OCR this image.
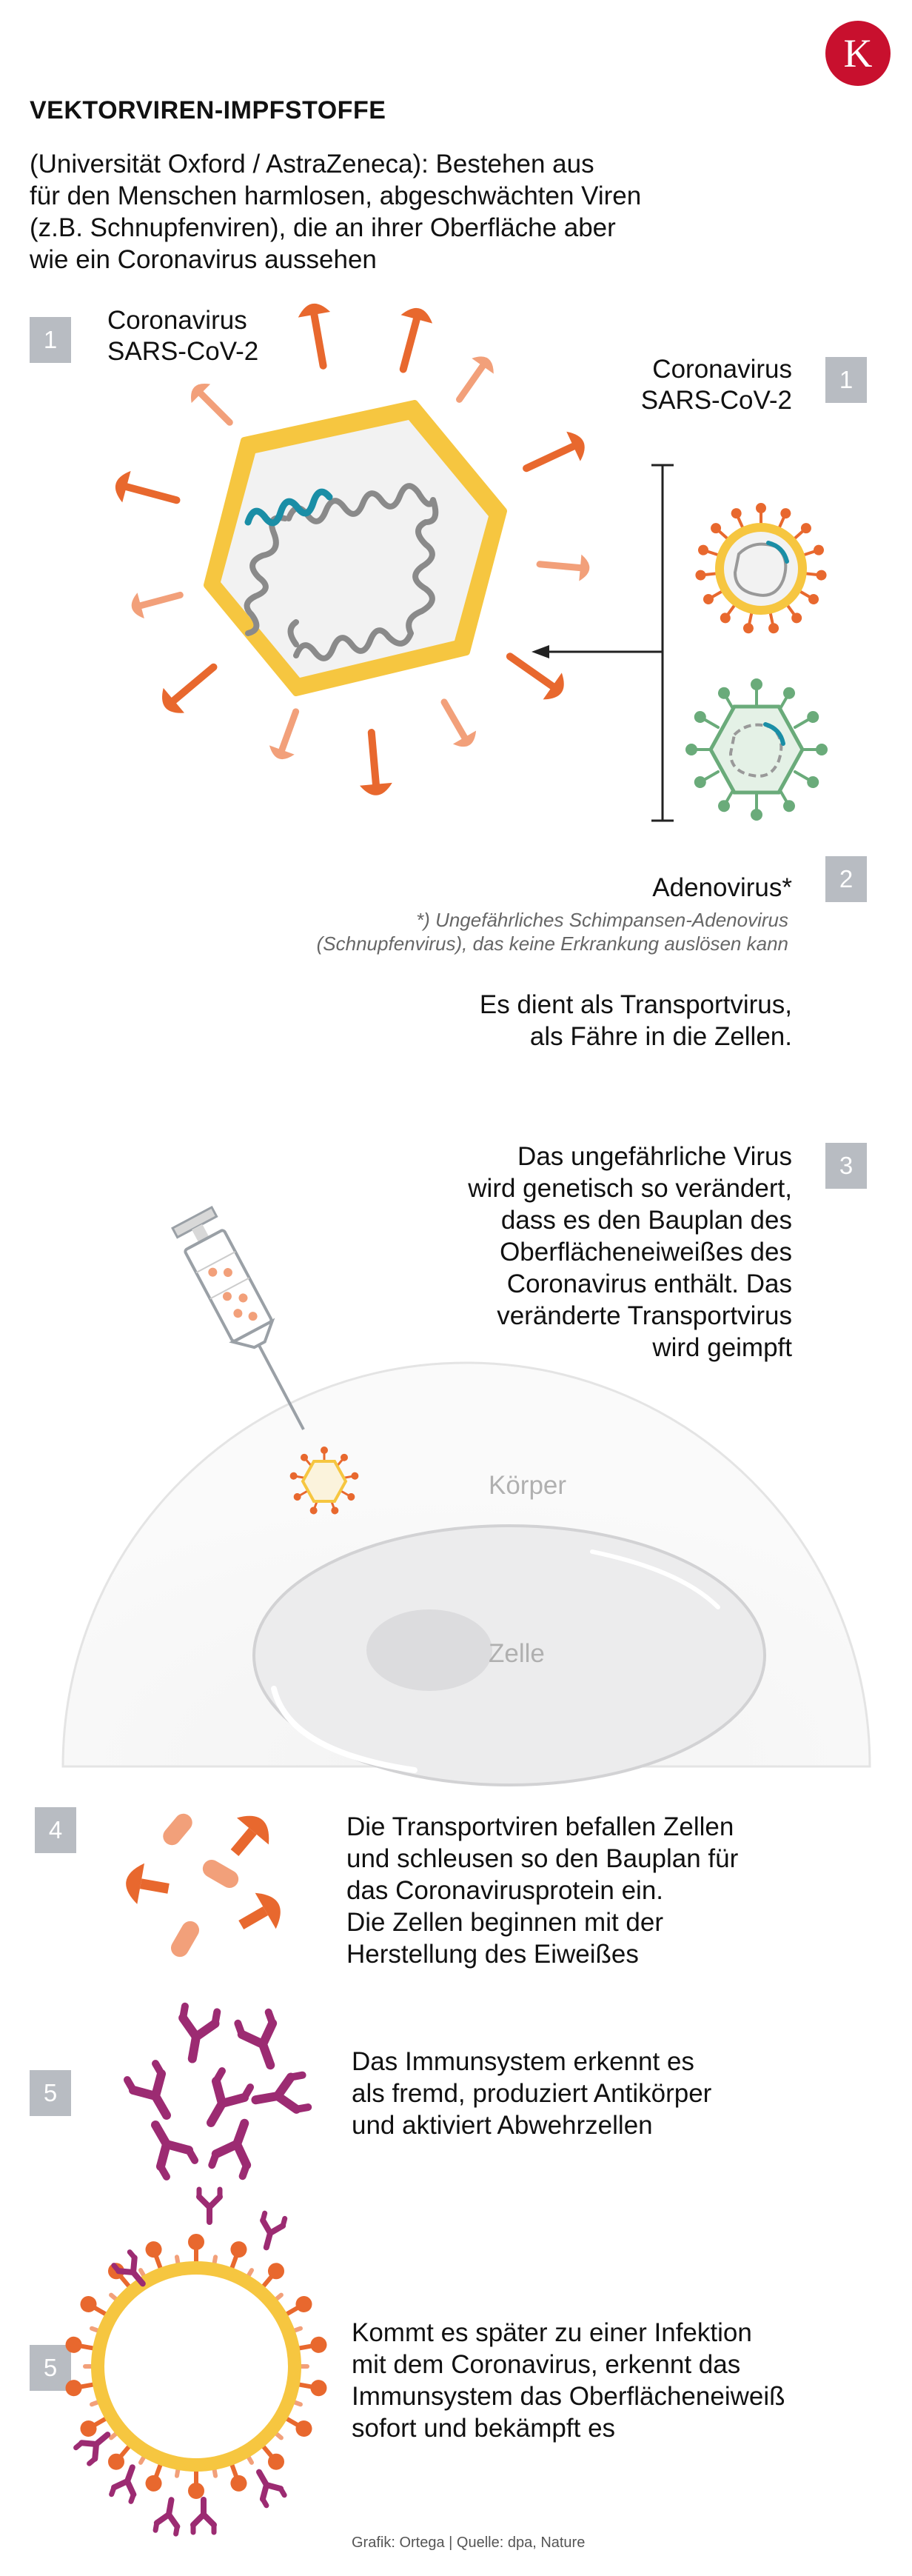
K
VEKTORVIREN-IMPFSTOFFE
(Universität Oxford / AstraZeneca): Bestehen aus
für den Menschen harmlosen, abgeschwächten Viren
(z.B. Schnupfenviren), die an ihrer Oberfläche aber
wie ein Coronavirus aussehen
1
Coronavirus
SARS-CoV-2
Coronavirus
SARS-CoV-2
1
Adenovirus*	2
*) Ungefährliches Schimpansen-Adenovirus
(Schnupfenvirus), das keine Erkrankung auslösen kann
Es dient als Transportvirus,
als Fähre in die Zellen.
3
Das ungefährliche Virus
wird genetisch so verändert,
dass es den Bauplan des
Oberflächeneiweißes des
Coronavirus enthält. Das
veränderte Transportvirus
wird geimpft
Körper
Zelle
4	Die Transportviren befallen Zellen
und schleusen so den Bauplan für
das Coronavirusprotein ein.
Die Zellen beginnen mit der
Herstellung des Eiweißes
5
Das Immunsystem erkennt es
als fremd, produziert Antikörper
und aktiviert Abwehrzellen
5
Kommt es später zu einer Infektion
mit dem Coronavirus, erkennt das
Immunsystem das Oberflächeneiweiß
sofort und bekämpft es
Grafik: Ortega | Quelle: dpa, Nature
